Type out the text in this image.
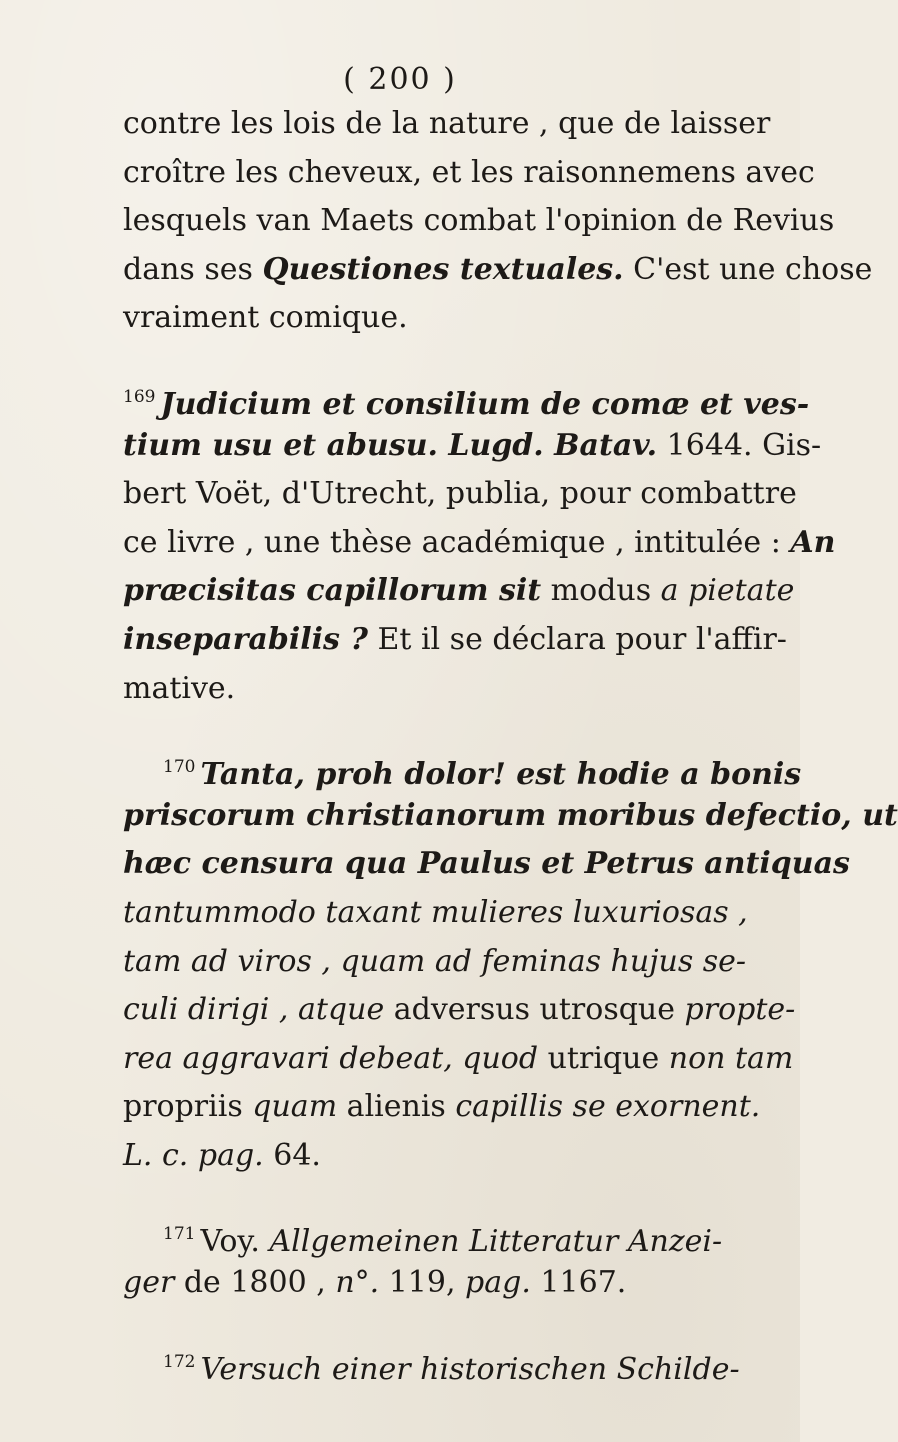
( 200 )
contre les lois de la nature , que de laisser
croître les cheveux, et les raisonnemens avec
lesquels van Maets combat l'opinion de Revius
dans ses Questiones textuales. C'est une chose
vraiment comique.
$^{169}$ Judicium et consilium de comæ et ves-
tium usu et abusu. Lugd. Batav. 1644. Gis-
bert Voët, d'Utrecht, publia, pour combattre
ce livre , une thèse académique , intitulée : An
præcisitas capillorum sit modus a pietate
inseparabilis ? Et il se déclara pour l'affir-
mative.
$^{170}$ Tanta, proh dolor! est hodie a bonis
priscorum christianorum moribus defectio, ut
hæc censura qua Paulus et Petrus antiquas
tantummodo taxant mulieres luxuriosas ,
tam ad viros , quam ad feminas hujus se-
culi dirigi , atque adversus utrosque propte-
rea aggravari debeat, quod utrique non tam
propriis quam alienis capillis se exornent.
L. c. pag. 64.
$^{171}$ Voy. Allgemeinen Litteratur Anzei-
ger de 1800 , n°. 119, pag. 1167.
$^{172}$ Versuch einer historischen Schilde-
